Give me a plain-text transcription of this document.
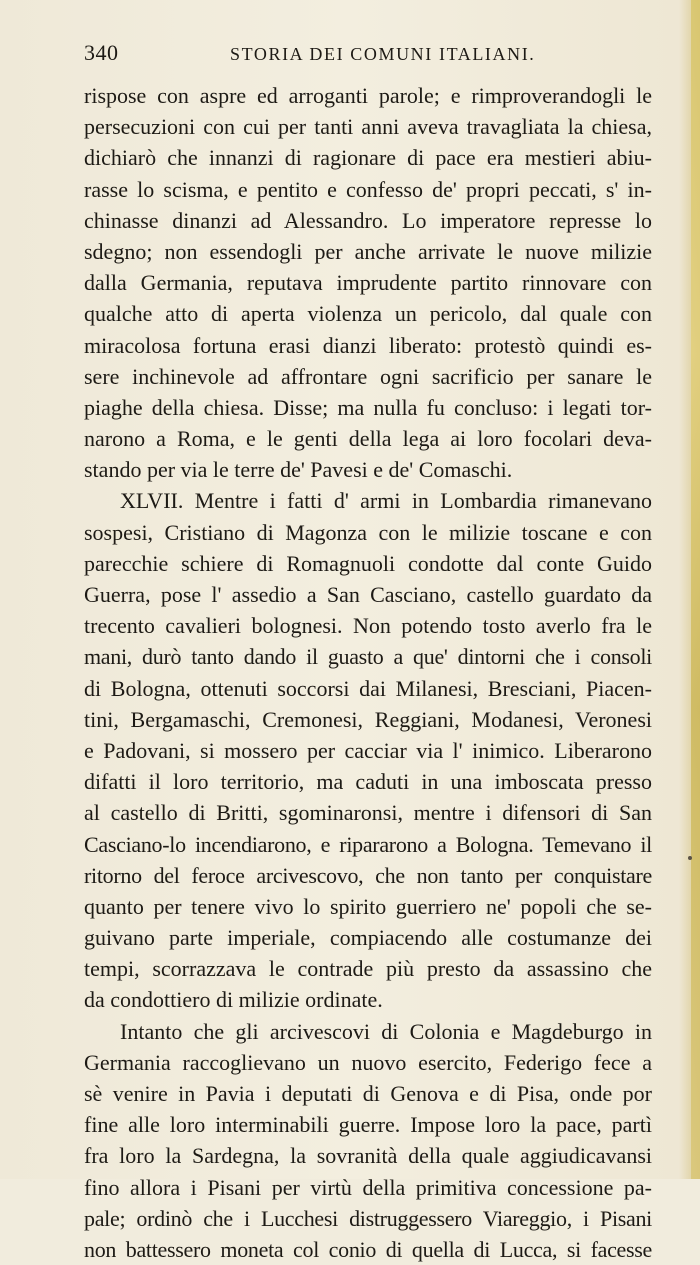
340	STORIA DEI COMUNI ITALIANI.
rispose con aspre ed arroganti parole; e rimproverandogli le
persecuzioni con cui per tanti anni aveva travagliata la chiesa,
dichiarò che innanzi di ragionare di pace era mestieri abiu-
rasse lo scisma, e pentito e confesso de' propri peccati, s' in-
chinasse dinanzi ad Alessandro. Lo imperatore represse lo
sdegno; non essendogli per anche arrivate le nuove milizie
dalla Germania, reputava imprudente partito rinnovare con
qualche atto di aperta violenza un pericolo, dal quale con
miracolosa fortuna erasi dianzi liberato: protestò quindi es-
sere inchinevole ad affrontare ogni sacrificio per sanare le
piaghe della chiesa. Disse; ma nulla fu concluso: i legati tor-
narono a Roma, e le genti della lega ai loro focolari deva-
stando per via le terre de' Pavesi e de' Comaschi.
XLVII. Mentre i fatti d' armi in Lombardia rimanevano
sospesi, Cristiano di Magonza con le milizie toscane e con
parecchie schiere di Romagnuoli condotte dal conte Guido
Guerra, pose l' assedio a San Casciano, castello guardato da
trecento cavalieri bolognesi. Non potendo tosto averlo fra le
mani, durò tanto dando il guasto a que' dintorni che i consoli
di Bologna, ottenuti soccorsi dai Milanesi, Bresciani, Piacen-
tini, Bergamaschi, Cremonesi, Reggiani, Modanesi, Veronesi
e Padovani, si mossero per cacciar via l' inimico. Liberarono
difatti il loro territorio, ma caduti in una imboscata presso
al castello di Britti, sgominaronsi, mentre i difensori di San
Casciano-lo incendiarono, e ripararono a Bologna. Temevano il
ritorno del feroce arcivescovo, che non tanto per conquistare
quanto per tenere vivo lo spirito guerriero ne' popoli che se-
guivano parte imperiale, compiacendo alle costumanze dei
tempi, scorrazzava le contrade più presto da assassino che
da condottiero di milizie ordinate.
Intanto che gli arcivescovi di Colonia e Magdeburgo in
Germania raccoglievano un nuovo esercito, Federigo fece a
sè venire in Pavia i deputati di Genova e di Pisa, onde por
fine alle loro interminabili guerre. Impose loro la pace, partì
fra loro la Sardegna, la sovranità della quale aggiudicavansi
fino allora i Pisani per virtù della primitiva concessione pa-
pale; ordinò che i Lucchesi distruggessero Viareggio, i Pisani
non battessero moneta col conio di quella di Lucca, si facesse
